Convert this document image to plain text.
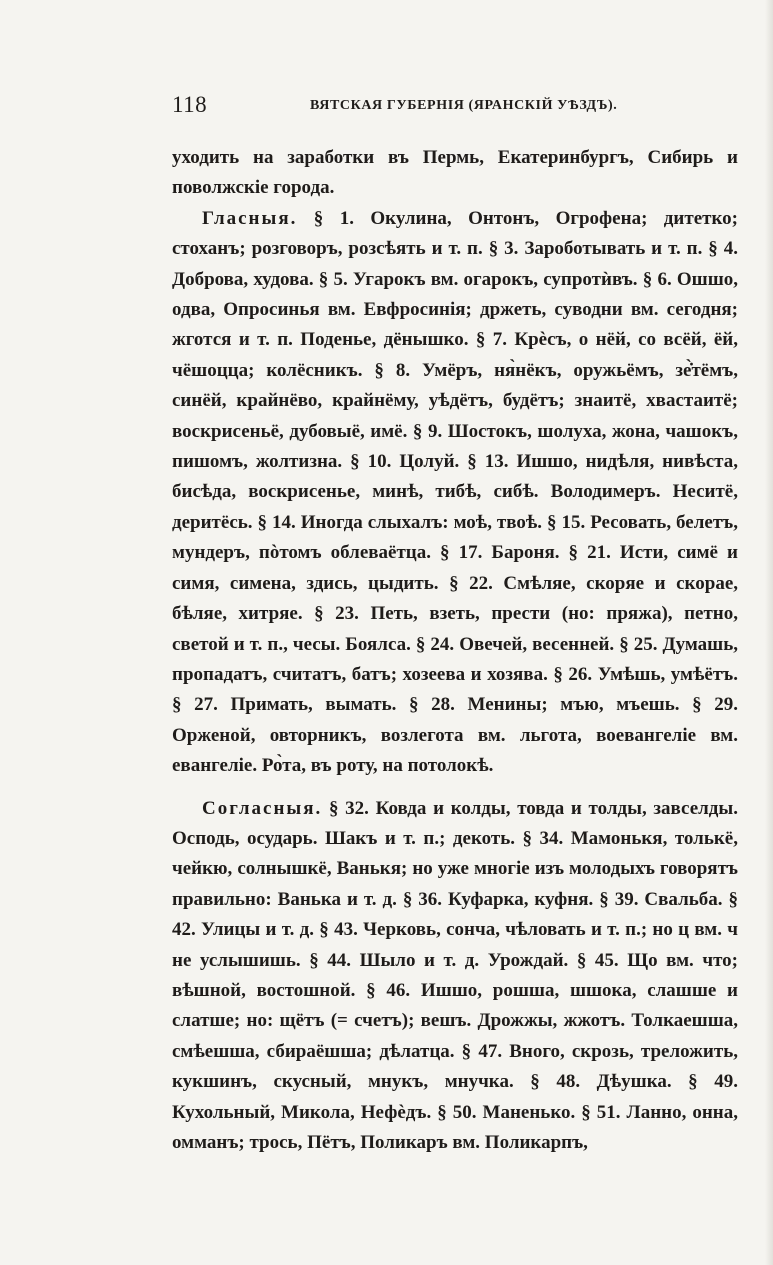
118	ВЯТСКАЯ ГУБЕРНІЯ (ЯРАНСКІЙ УѢЗДЪ).

уходить на заработки въ Пермь, Екатеринбургъ, Сибирь и поволжскіе города.

Гласныя. § 1. Окулина, Онтонъ, Огрофена; дитетко; стоханъ; розговоръ, розсѣять и т. п. § 3. Зароботывать и т. п. § 4. Доброва, худова. § 5. Угарокъ вм. огарокъ, супротѝвъ. § 6. Ошшо, одва, Опросинья вм. Евфросинія; држеть, суводни вм. сегодня; жготся и т. п. Поденье, дёнышко. § 7. Крѐсъ, о нёй, со всёй, ёй, чёшоцца; колёсникъ. § 8. Умёръ, ня̀нёкъ, оружьёмъ, зе̇̀тёмъ, синёй, крайнёво, крайнёму, уѣдётъ, будётъ; знаитё, хвастаитё; воскрисеньё, дубовыё, имё. § 9. Шостокъ, шолуха, жона, чашокъ, пишомъ, жолтизна. § 10. Цолуй. § 13. Ишшо, нидѣля, нивѣста, бисѣда, воскрисенье, минѣ, тибѣ, сибѣ. Володимеръ. Неситё, деритёсь. § 14. Иногда слыхалъ: моѣ, твоѣ. § 15. Ресовать, белетъ, мундеръ, пòтомъ облеваётца. § 17. Бароня. § 21. Исти, симё и симя, симена, здись, цыдить. § 22. Смѣляе, скоряе и скорае, бѣляе, хитряе. § 23. Петь, взеть, прести (но: пряжа), петно, светой и т. п., чесы. Боялса. § 24. Овечей, весенней. § 25. Думашь, пропадатъ, считатъ, батъ; хозеева и хозява. § 26. Умѣшь, умѣётъ. § 27. Примать, вымать. § 28. Менины; мъю, мъешь. § 29. Орженой, овторникъ, возлегота вм. льгота, воевангеліе вм. евангеліе. Ро̀та, въ роту, на потолокѣ.

Согласныя. § 32. Ковда и колды, товда и толды, завселды. Осподь, осударь. Шакъ и т. п.; декоть. § 34. Мамонькя, толькё, чейкю, солнышкё, Ванькя; но уже многіе изъ молодыхъ говорятъ правильно: Ванька и т. д. § 36. Куфарка, куфня. § 39. Свальба. § 42. Улицы и т. д. § 43. Черковь, сонча, чѣловать и т. п.; но ц вм. ч не услышишь. § 44. Шыло и т. д. Урождай. § 45. Що вм. что; вѣшной, востошной. § 46. Ишшо, рошша, шшока, слашше и слатше; но: щётъ (= счетъ); вешъ. Дрожжы, жжотъ. Толкаешша, смѣешша, сбираёшша; дѣлатца. § 47. Вного, скрозь, треложить, кукшинъ, скусный, мнукъ, мнучка. § 48. Дѣушка. § 49. Кухольный, Микола, Нефѐдъ. § 50. Маненько. § 51. Ланно, онна, омманъ; трось, Пётъ, Поликаръ вм. Поликарпъ,
